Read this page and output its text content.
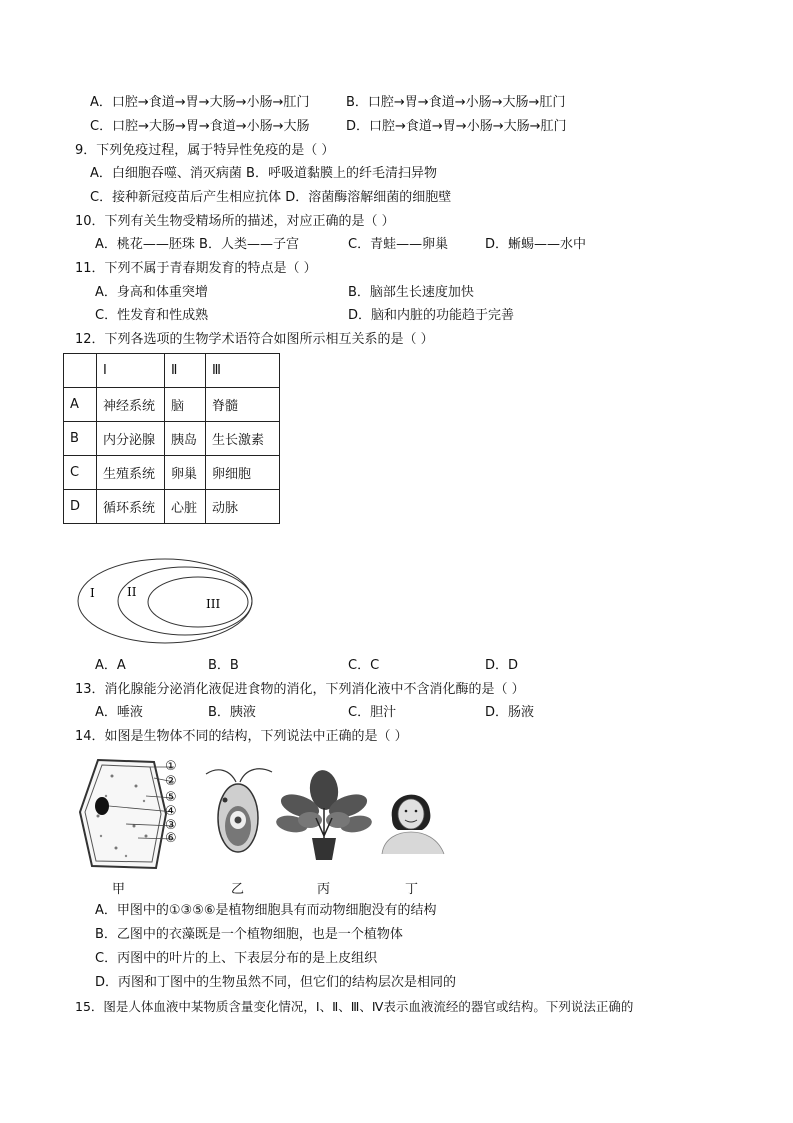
A．口腔→食道→胃→大肠→小肠→肛门	B．口腔→胃→食道→小肠→大肠→肛门
C．口腔→大肠→胃→食道→小肠→大肠	D．口腔→食道→胃→小肠→大肠→肛门
9．下列免疫过程，属于特异性免疫的是（ ）
A．白细胞吞噬、消灭病菌 B．呼吸道黏膜上的纤毛清扫异物
C．接种新冠疫苗后产生相应抗体 D．溶菌酶溶解细菌的细胞壁
10．下列有关生物受精场所的描述，对应正确的是（ ）
A．桃花——胚珠 B．人类——子宫	C．青蛙——卵巢	D．蜥蜴——水中
11．下列不属于青春期发育的特点是（ ）
A．身高和体重突增	B．脑部生长速度加快
C．性发育和性成熟	D．脑和内脏的功能趋于完善
12．下列各选项的生物学术语符合如图所示相互关系的是（ ）
	I	Ⅱ	Ⅲ
A	神经系统	脑	脊髓
B	内分泌腺	胰岛	生长激素
C	生殖系统	卵巢	卵细胞
D	循环系统	心脏	动脉
I	II
III
A．A	B．B	C．C	D．D
13．消化腺能分泌消化液促进食物的消化，下列消化液中不含消化酶的是（ ）
A．唾液	B．胰液	C．胆汁	D．肠液
14．如图是生物体不同的结构，下列说法中正确的是（ ）
①
②
⑤
④
③
⑥
甲	乙	丙	丁
A．甲图中的①③⑤⑥是植物细胞具有而动物细胞没有的结构
B．乙图中的衣藻既是一个植物细胞，也是一个植物体
C．丙图中的叶片的上、下表层分布的是上皮组织
D．丙图和丁图中的生物虽然不同，但它们的结构层次是相同的
15．图是人体血液中某物质含量变化情况，Ⅰ、Ⅱ、Ⅲ、Ⅳ表示血液流经的器官或结构。下列说法正确的
